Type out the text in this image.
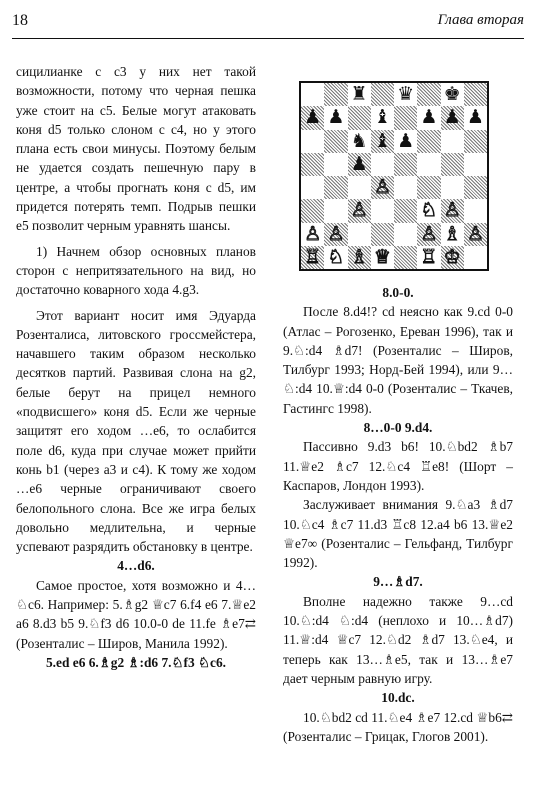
18	Глава вторая

сицилианке с c3 у них нет такой возможности, потому что черная пешка уже стоит на c5. Белые могут атаковать коня d5 только слоном с c4, но у этого плана есть свои минусы. Поэтому белым не удается создать пешечную пару в центре, а чтобы прогнать коня с d5, им придется потерять темп. Подрыв пешки e5 позволит черным уравнять шансы.

1) Начнем обзор основных планов сторон с непритязательного на вид, но достаточно коварного хода 4.g3.

Этот вариант носит имя Эдуарда Розенталиса, литовского гроссмейстера, начавшего таким образом несколько десятков партий. Развивая слона на g2, белые берут на прицел немного «подвисшего» коня d5. Если же черные защитят его ходом …e6, то ослабится поле d6, куда при случае может прийти конь b1 (через a3 и c4). К тому же ходом …e6 черные ограничивают своего белопольного слона. Все же игра белых довольно медлительна, и черные успевают разрядить обстановку в центре.

4…d6.

Самое простое, хотя возможно и 4…♘c6. Например: 5.♗g2 ♕c7 6.f4 e6 7.♕e2 a6 8.d3 b5 9.♘f3 d6 10.0-0 de 11.fe ♗e7⇄ (Розенталис – Широв, Манила 1992).

5.ed e6 6.♗g2 ♗:d6 7.♘f3 ♘c6.

♜ ♛ ♚
♟ ♟ ♝ ♟ ♟ ♟
♞ ♝ ♟
♟
♙
♙	♘ ♙
♙ ♙	♙ ♗ ♙
♖ ♘ ♗ ♕ ♖ ♔

8.0-0.

После 8.d4!? cd неясно как 9.cd 0-0 (Атлас – Рогозенко, Ереван 1996), так и 9.♘:d4 ♗d7! (Розенталис – Широв, Тилбург 1993; Норд-Бей 1994), или 9…♘:d4 10.♕:d4 0-0 (Розенталис – Ткачев, Гастингс 1998).

8…0-0 9.d4.

Пассивно 9.d3 b6! 10.♘bd2 ♗b7 11.♕e2 ♗c7 12.♘c4 ♖e8! (Шорт – Каспаров, Лондон 1993).

Заслуживает внимания 9.♘a3 ♗d7 10.♘c4 ♗c7 11.d3 ♖c8 12.a4 b6 13.♕e2 ♕e7∞ (Розенталис – Гельфанд, Тилбург 1992).

9…♗d7.

Вполне надежно также 9…cd 10.♘:d4 ♘:d4 (неплохо и 10…♗d7) 11.♕:d4 ♕c7 12.♘d2 ♗d7 13.♘e4, и теперь как 13…♗e5, так и 13…♗e7 дает черным равную игру.

10.dc.

10.♘bd2 cd 11.♘e4 ♗e7 12.cd ♕b6⇄ (Розенталис – Грицак, Глогов 2001).
